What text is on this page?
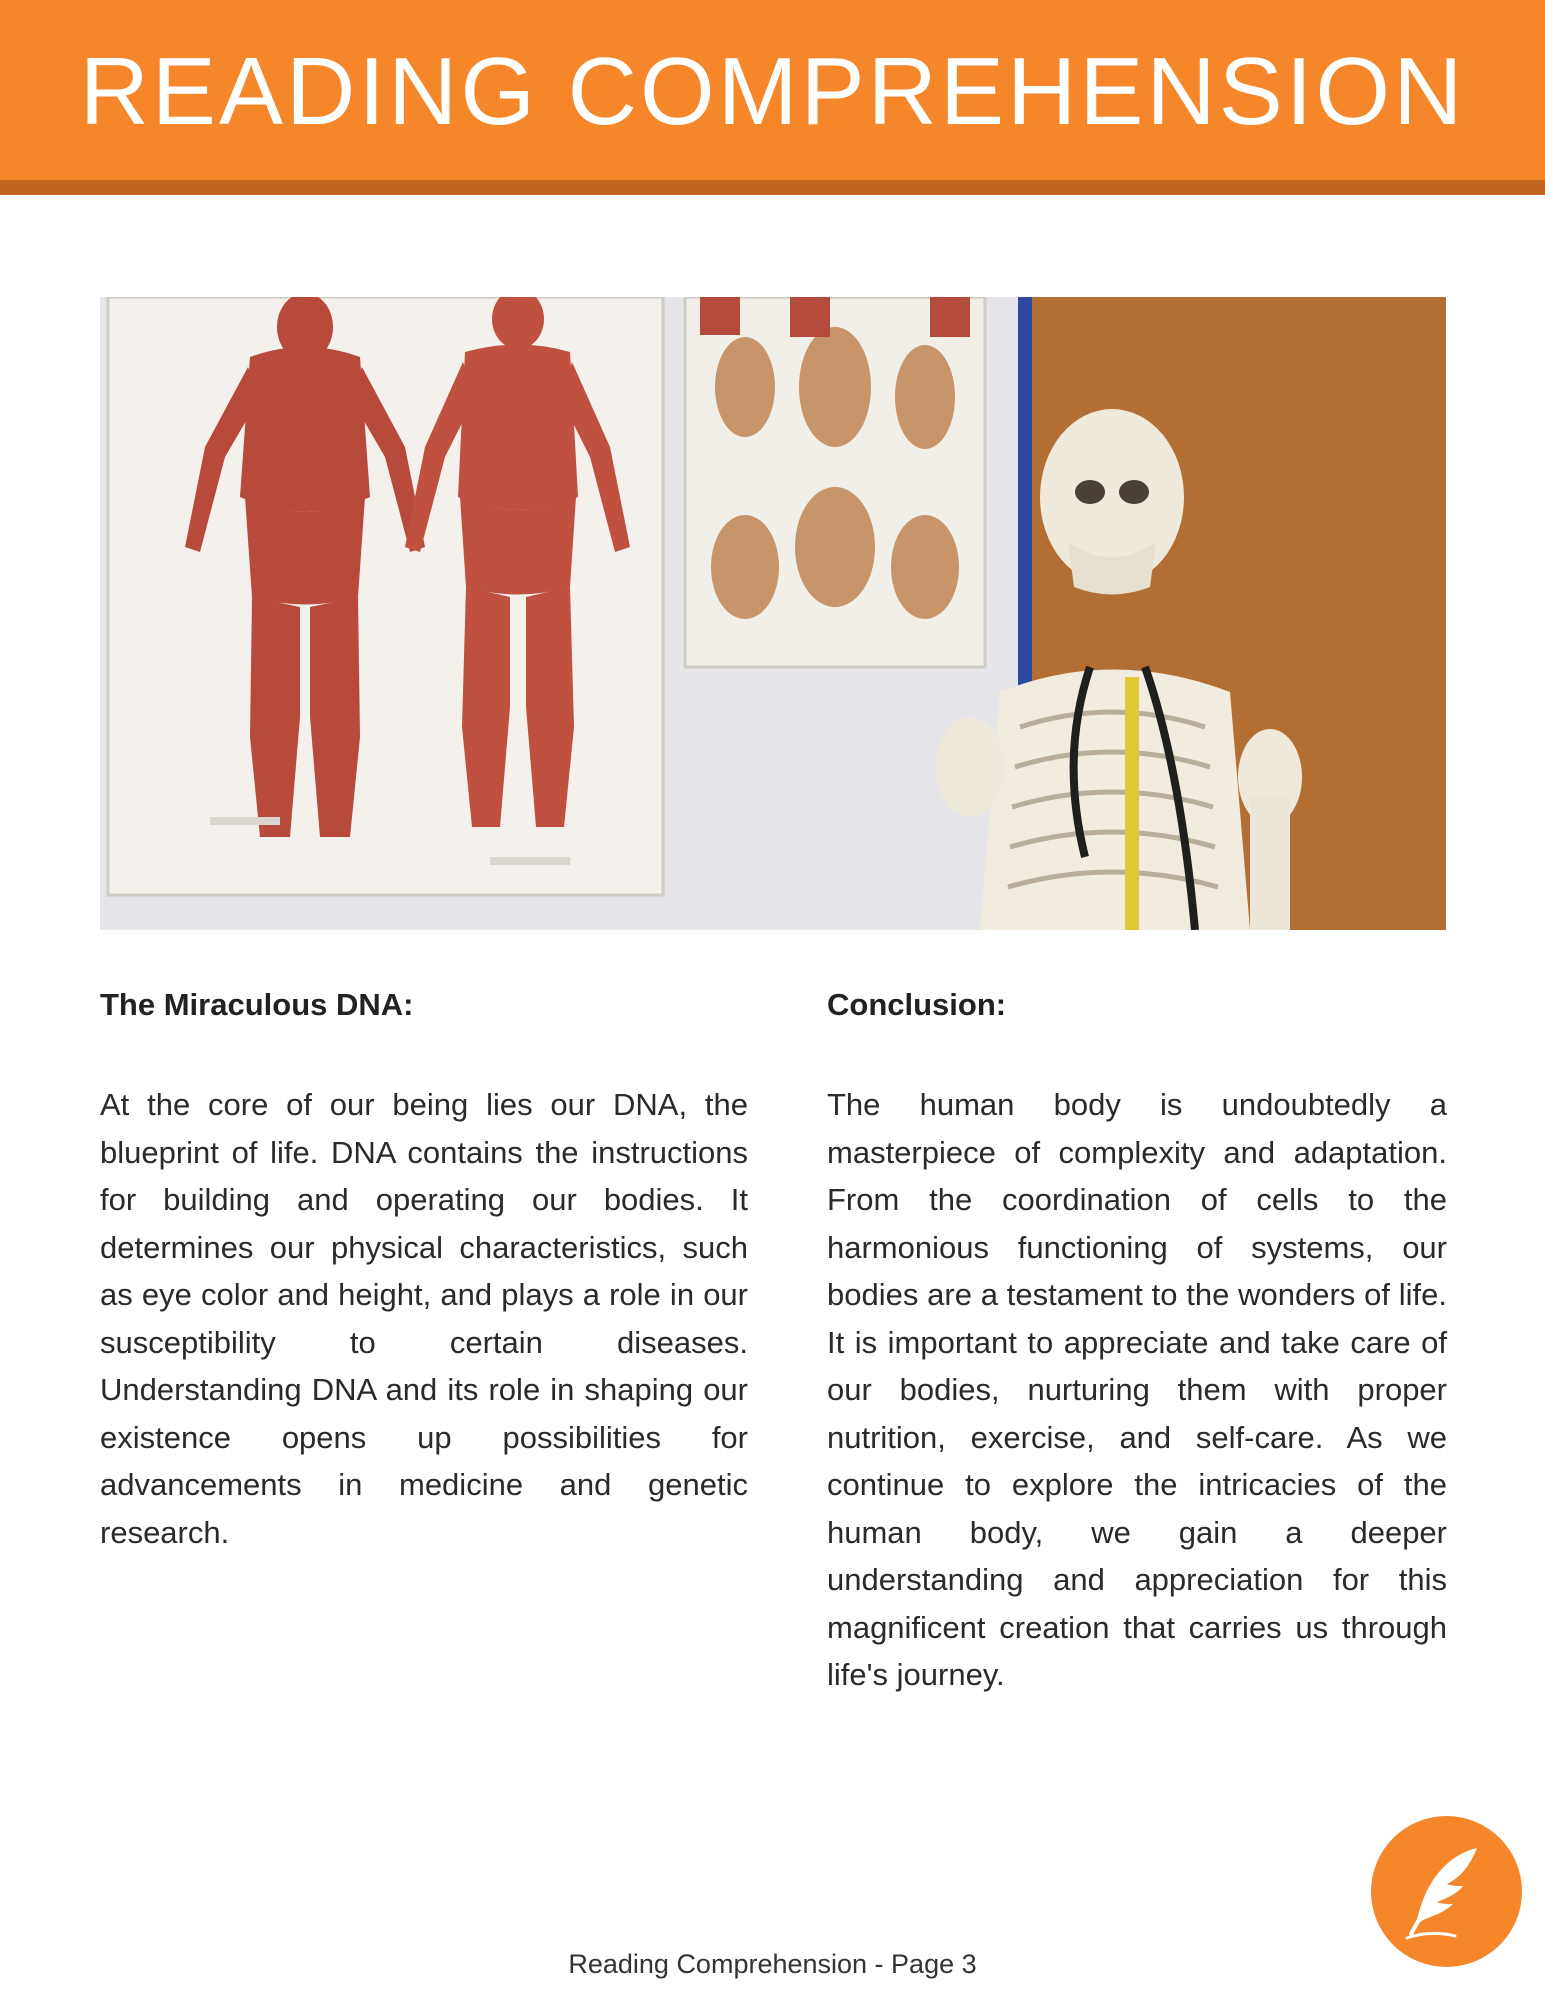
READING COMPREHENSION
The Miraculous DNA:

At the core of our being lies our DNA, the blueprint of life. DNA contains the instructions for building and operating our bodies. It determines our physical characteristics, such as eye color and height, and plays a role in our susceptibility to certain diseases. Understanding DNA and its role in shaping our existence opens up possibilities for advancements in medicine and genetic research.

Conclusion:

The human body is undoubtedly a masterpiece of complexity and adaptation. From the coordination of cells to the harmonious functioning of systems, our bodies are a testament to the wonders of life. It is important to appreciate and take care of our bodies, nurturing them with proper nutrition, exercise, and self-care. As we continue to explore the intricacies of the human body, we gain a deeper understanding and appreciation for this magnificent creation that carries us through life's journey.

Reading Comprehension - Page 3
